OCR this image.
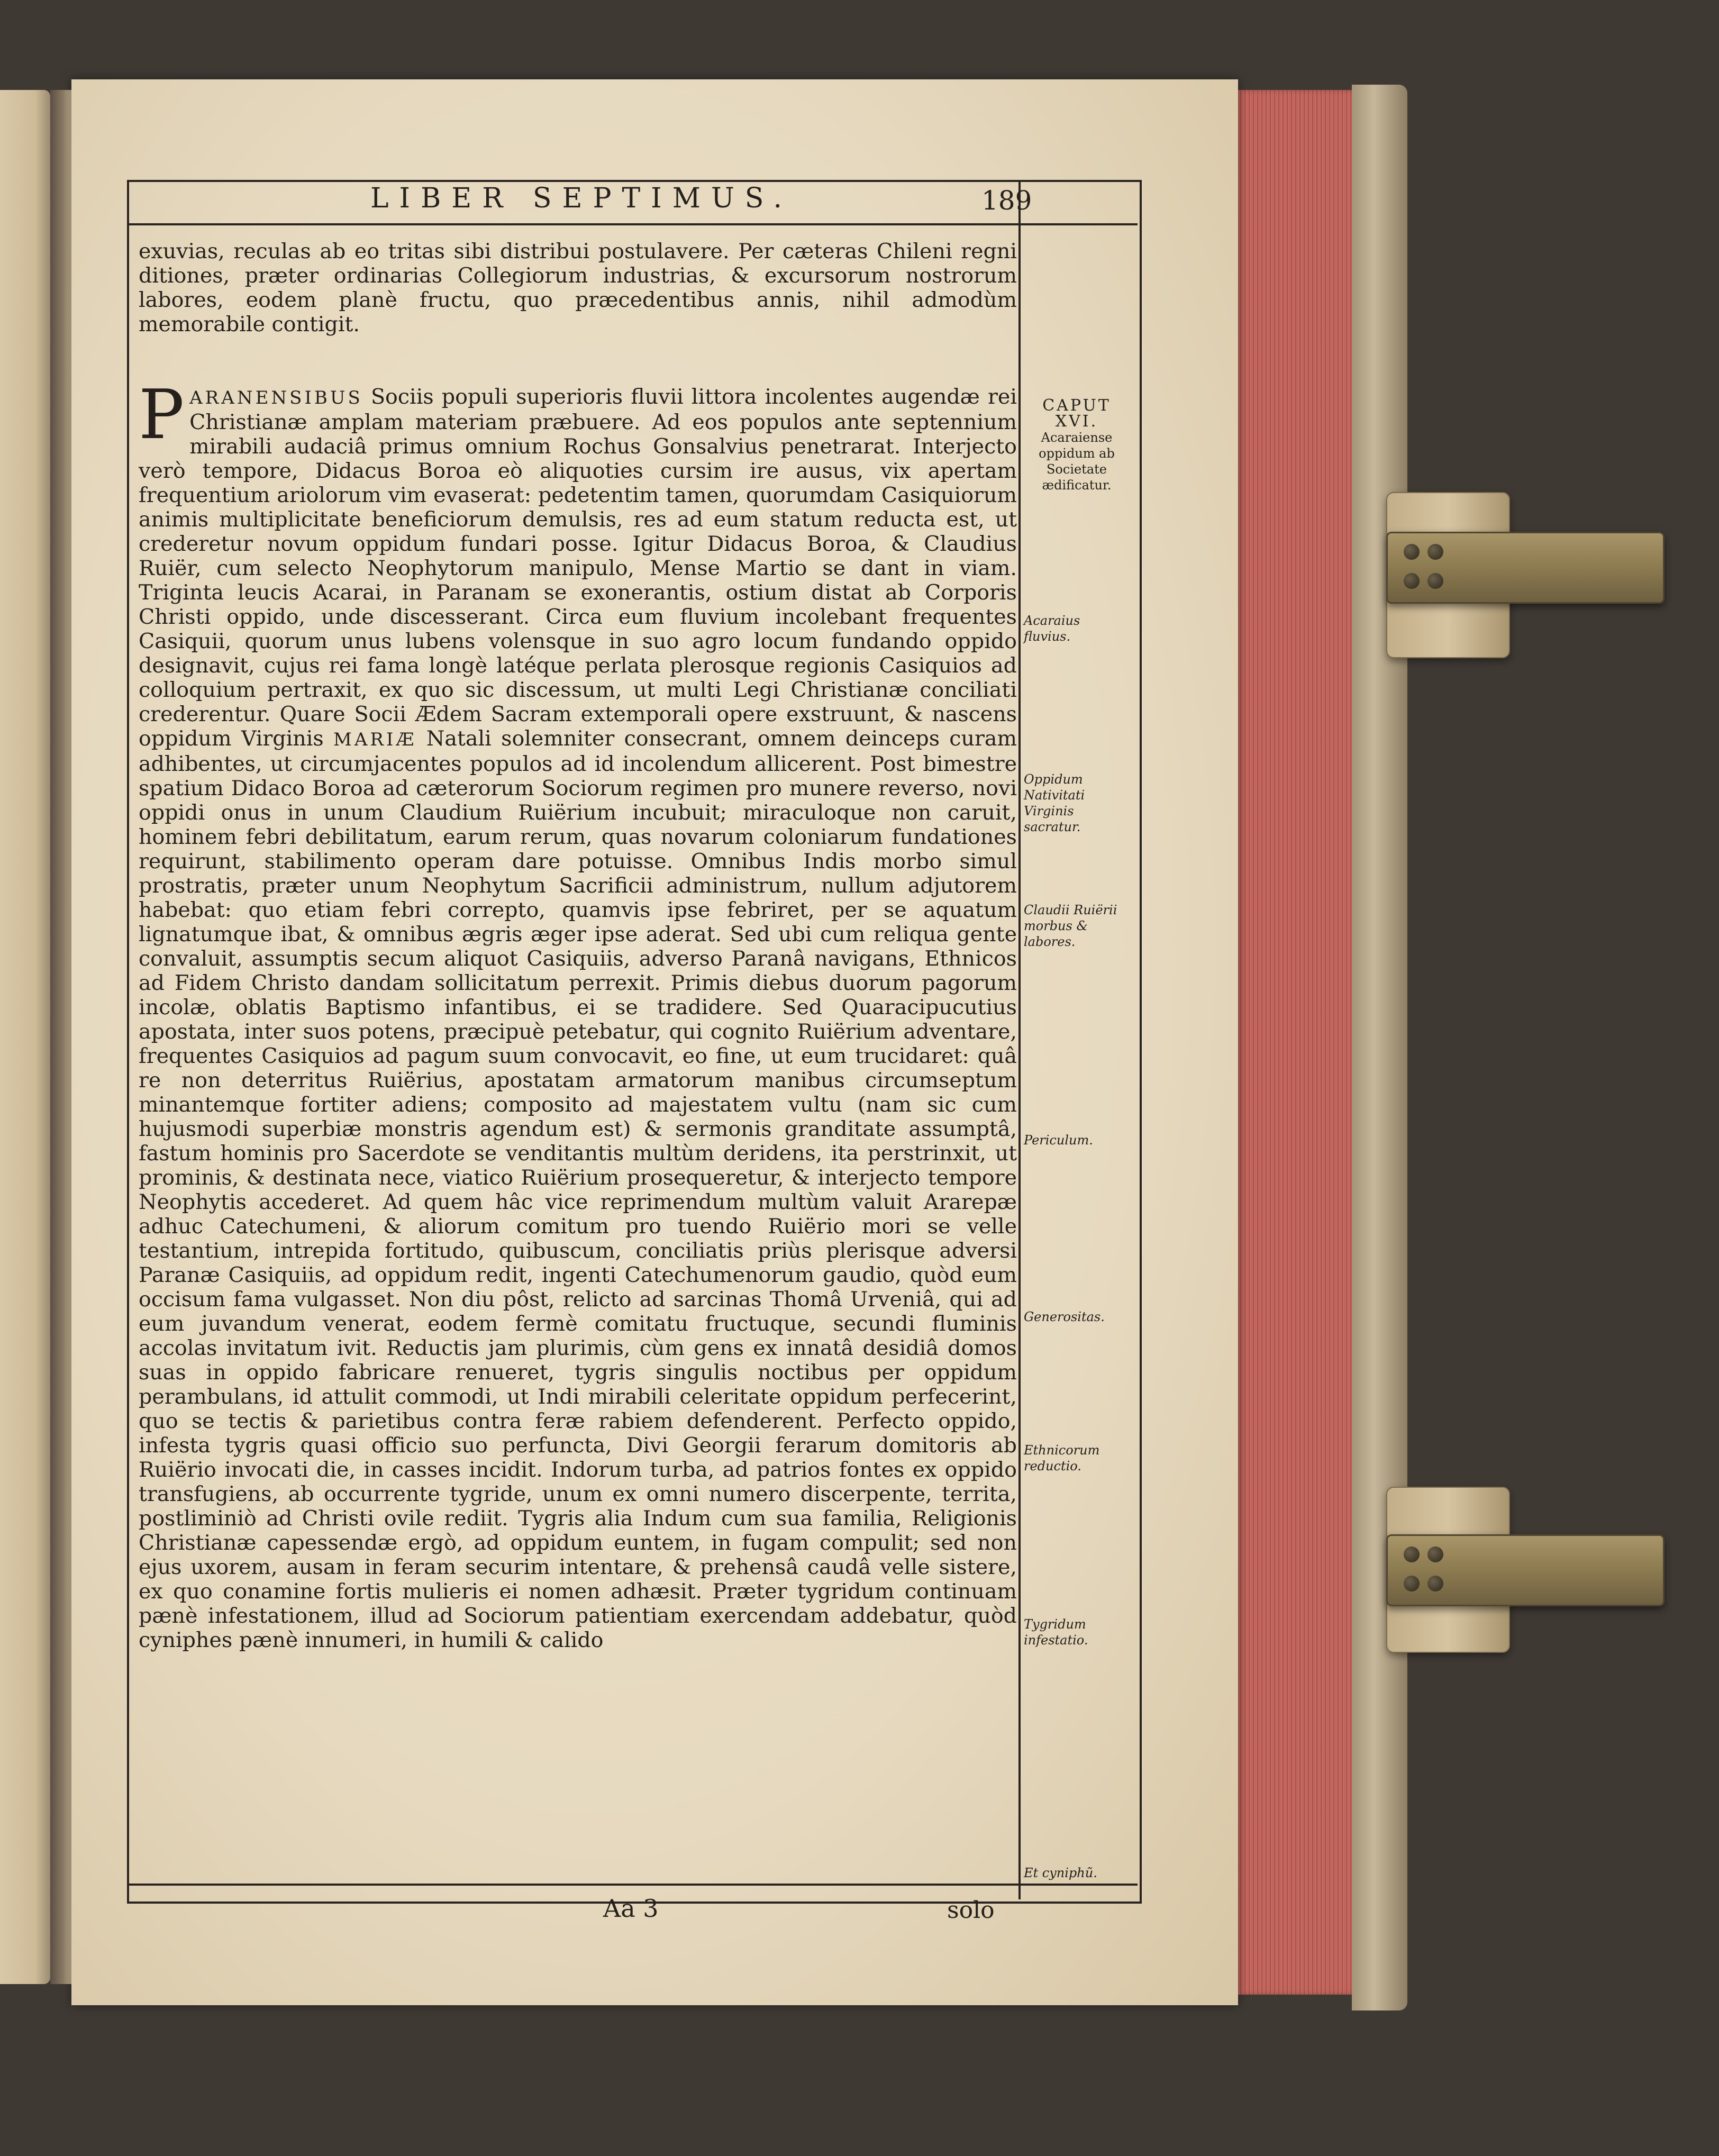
LIBER SEPTIMUS.	189
exuvias, reculas ab eo tritas sibi distribui postulavere. Per cæteras Chileni regni ditiones, præter ordinarias Collegiorum industrias, & excursorum nostrorum labores, eodem planè fructu, quo præcedentibus annis, nihil admodùm memorabile contigit.
PARANENSIBUS Sociis populi superioris fluvii littora incolentes augendæ rei Christianæ amplam materiam præbuere. Ad eos populos ante septennium mirabili audaciâ primus omnium Rochus Gonsalvius penetrarat. Interjecto verò tempore, Didacus Boroa eò aliquoties cursim ire ausus, vix apertam frequentium ariolorum vim evaserat: pedetentim tamen, quorumdam Casiquiorum animis multiplicitate beneficiorum demulsis, res ad eum statum reducta est, ut crederetur novum oppidum fundari posse. Igitur Didacus Boroa, & Claudius Ruiër, cum selecto Neophytorum manipulo, Mense Martio se dant in viam. Triginta leucis Acarai, in Paranam se exonerantis, ostium distat ab Corporis Christi oppido, unde discesserant. Circa eum fluvium incolebant frequentes Casiquii, quorum unus lubens volensque in suo agro locum fundando oppido designavit, cujus rei fama longè latéque perlata plerosque regionis Casiquios ad colloquium pertraxit, ex quo sic discessum, ut multi Legi Christianæ conciliati crederentur. Quare Socii Ædem Sacram extemporali opere exstruunt, & nascens oppidum Virginis MARIÆ Natali solemniter consecrant, omnem deinceps curam adhibentes, ut circumjacentes populos ad id incolendum allicerent. Post bimestre spatium Didaco Boroa ad cæterorum Sociorum regimen pro munere reverso, novi oppidi onus in unum Claudium Ruiërium incubuit; miraculoque non caruit, hominem febri debilitatum, earum rerum, quas novarum coloniarum fundationes requirunt, stabilimento operam dare potuisse. Omnibus Indis morbo simul prostratis, præter unum Neophytum Sacrificii administrum, nullum adjutorem habebat: quo etiam febri correpto, quamvis ipse febriret, per se aquatum lignatumque ibat, & omnibus ægris æger ipse aderat. Sed ubi cum reliqua gente convaluit, assumptis secum aliquot Casiquiis, adverso Paranâ navigans, Ethnicos ad Fidem Christo dandam sollicitatum perrexit. Primis diebus duorum pagorum incolæ, oblatis Baptismo infantibus, ei se tradidere. Sed Quaracipucutius apostata, inter suos potens, præcipuè petebatur, qui cognito Ruiërium adventare, frequentes Casiquios ad pagum suum convocavit, eo fine, ut eum trucidaret: quâ re non deterritus Ruiërius, apostatam armatorum manibus circumseptum minantemque fortiter adiens; composito ad majestatem vultu (nam sic cum hujusmodi superbiæ monstris agendum est) & sermonis granditate assumptâ, fastum hominis pro Sacerdote se venditantis multùm deridens, ita perstrinxit, ut prominis, & destinata nece, viatico Ruiërium prosequeretur, & interjecto tempore Neophytis accederet. Ad quem hâc vice reprimendum multùm valuit Ararepæ adhuc Catechumeni, & aliorum comitum pro tuendo Ruiërio mori se velle testantium, intrepida fortitudo, quibuscum, conciliatis priùs plerisque adversi Paranæ Casiquiis, ad oppidum redit, ingenti Catechumenorum gaudio, quòd eum occisum fama vulgasset. Non diu pôst, relicto ad sarcinas Thomâ Urveniâ, qui ad eum juvandum venerat, eodem fermè comitatu fructuque, secundi fluminis accolas invitatum ivit. Reductis jam plurimis, cùm gens ex innatâ desidiâ domos suas in oppido fabricare renueret, tygris singulis noctibus per oppidum perambulans, id attulit commodi, ut Indi mirabili celeritate oppidum perfecerint, quo se tectis & parietibus contra feræ rabiem defenderent. Perfecto oppido, infesta tygris quasi officio suo perfuncta, Divi Georgii ferarum domitoris ab Ruiërio invocati die, in casses incidit. Indorum turba, ad patrios fontes ex oppido transfugiens, ab occurrente tygride, unum ex omni numero discerpente, territa, postliminiò ad Christi ovile rediit. Tygris alia Indum cum sua familia, Religionis Christianæ capessendæ ergò, ad oppidum euntem, in fugam compulit; sed non ejus uxorem, ausam in feram securim intentare, & prehensâ caudâ velle sistere, ex quo conamine fortis mulieris ei nomen adhæsit. Præter tygridum continuam pænè infestationem, illud ad Sociorum patientiam exercendam addebatur, quòd cyniphes pænè innumeri, in humili & calido
CAPUT
XVI.
Acaraiense oppidum ab Societate ædificatur.
Acaraius fluvius.
Oppidum Nativitati Virginis sacratur.
Claudii Ruiërii morbus & labores.
Periculum.
Generositas.
Ethnicorum reductio.
Tygridum infestatio.
Et cyniphũ.
Aa 3	solo
